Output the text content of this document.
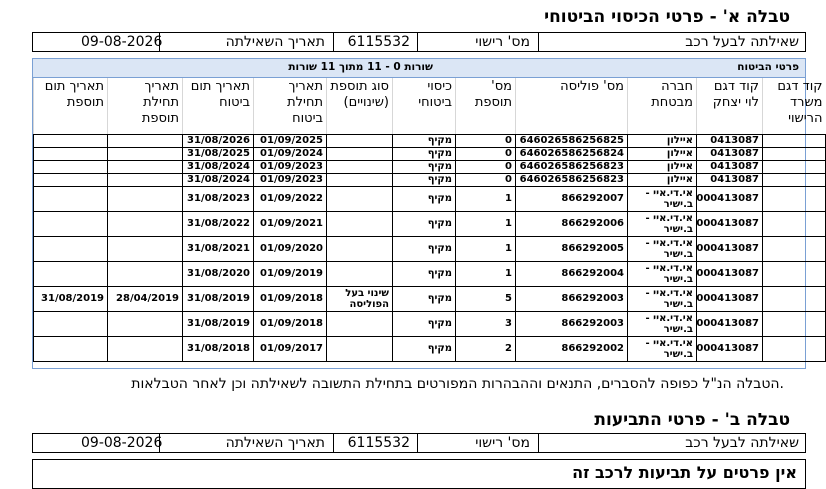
טבלה א' - פרטי הכיסוי הביטוחי
שאילתה לבעל רכב
מס' רישוי
6115532
תאריך השאילתה
09-08-2026
פרטי הביטוח
שורות 0 - 11 מתוך 11 שורות
קוד דגם משרד הרישוי	קוד דגם לוי יצחק	חברה מבטחת	מס' פוליסה	מס' תוספת	כיסוי ביטוחי	סוג תוספת (שינויים)	תאריך תחילת ביטוח	תאריך תום ביטוח	תאריך תחילת תוספת	תאריך תום תוספת
	0413087	איילון	646026586256825	0	מקיף		01/09/2025	31/08/2026		
	0413087	איילון	646026586256824	0	מקיף		01/09/2024	31/08/2025		
	0413087	איילון	646026586256823	0	מקיף		01/09/2023	31/08/2024		
	0413087	איילון	646026586256823	0	מקיף		01/09/2023	31/08/2024		
	000413087	אי.די.איי - ב.ישיר	866292007	1	מקיף		01/09/2022	31/08/2023		
	000413087	אי.די.איי - ב.ישיר	866292006	1	מקיף		01/09/2021	31/08/2022		
	000413087	אי.די.איי - ב.ישיר	866292005	1	מקיף		01/09/2020	31/08/2021		
	000413087	אי.די.איי - ב.ישיר	866292004	1	מקיף		01/09/2019	31/08/2020		
	000413087	אי.די.איי - ב.ישיר	866292003	5	מקיף	שינוי בעל הפוליסה	01/09/2018	31/08/2019	28/04/2019	31/08/2019
	000413087	אי.די.איי - ב.ישיר	866292003	3	מקיף		01/09/2018	31/08/2019		
	000413087	אי.די.איי - ב.ישיר	866292002	2	מקיף		01/09/2017	31/08/2018		
הטבלה הנ"ל כפופה להסברים, התנאים וההבהרות המפורטים בתחילת התשובה לשאילתה וכן לאחר הטבלאות.
טבלה ב' - פרטי התביעות
שאילתה לבעל רכב
מס' רישוי
6115532
תאריך השאילתה
09-08-2026
אין פרטים על תביעות לרכב זה
